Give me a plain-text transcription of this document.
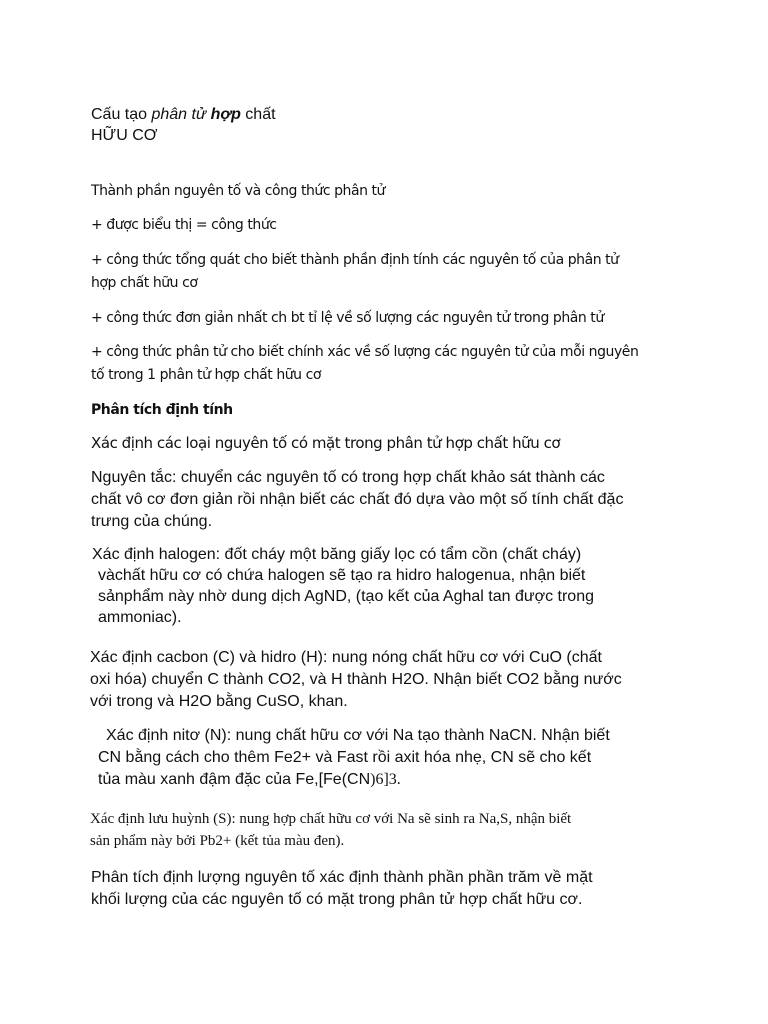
Cấu tạo phân tử hợp chất
HỮU CƠ

Thành phần nguyên tố và công thức phân tử

+ được biểu thị = công thức

+ công thức tổng quát cho biết thành phần định tính các nguyên tố của phân tử
hợp chất hữu cơ

+ công thức đơn giản nhất ch bt tỉ lệ về số lượng các nguyên tử trong phân tử

+ công thức phân tử cho biết chính xác về số lượng các nguyên tử của mỗi nguyên
tố trong 1 phân tử hợp chất hữu cơ

Phân tích định tính

Xác định các loại nguyên tố có mặt trong phân tử hợp chất hữu cơ

Nguyên tắc: chuyển các nguyên tố có trong hợp chất khảo sát thành các
chất vô cơ đơn giản rồi nhận biết các chất đó dựa vào một số tính chất đặc
trưng của chúng.
Xác định halogen: đốt cháy một băng giấy lọc có tẩm cồn (chất cháy)
vàchất hữu cơ có chứa halogen sẽ tạo ra hidro halogenua, nhận biết
sảnphẩm này nhờ dung dịch AgND, (tạo kết của Aghal tan được trong
ammoniac).
Xác định cacbon (C) và hidro (H): nung nóng chất hữu cơ với CuO (chất
oxi hóa) chuyển C thành CO2, và H thành H2O. Nhận biết CO2 bằng nước
với trong và H2O bằng CuSO, khan.
Xác định nitơ (N): nung chất hữu cơ với Na tạo thành NaCN. Nhận biết
CN bằng cách cho thêm Fe2+ và Fast rồi axit hóa nhẹ, CN sẽ cho kết
tủa màu xanh đậm đặc của Fe,[Fe(CN)6]3.
Xác định lưu huỳnh (S): nung hợp chất hữu cơ với Na sẽ sinh ra Na,S, nhận biết
sản phẩm này bởi Pb2+ (kết tủa màu đen).
Phân tích định lượng nguyên tố xác định thành phần phần trăm về mặt
khối lượng của các nguyên tố có mặt trong phân tử hợp chất hữu cơ.
